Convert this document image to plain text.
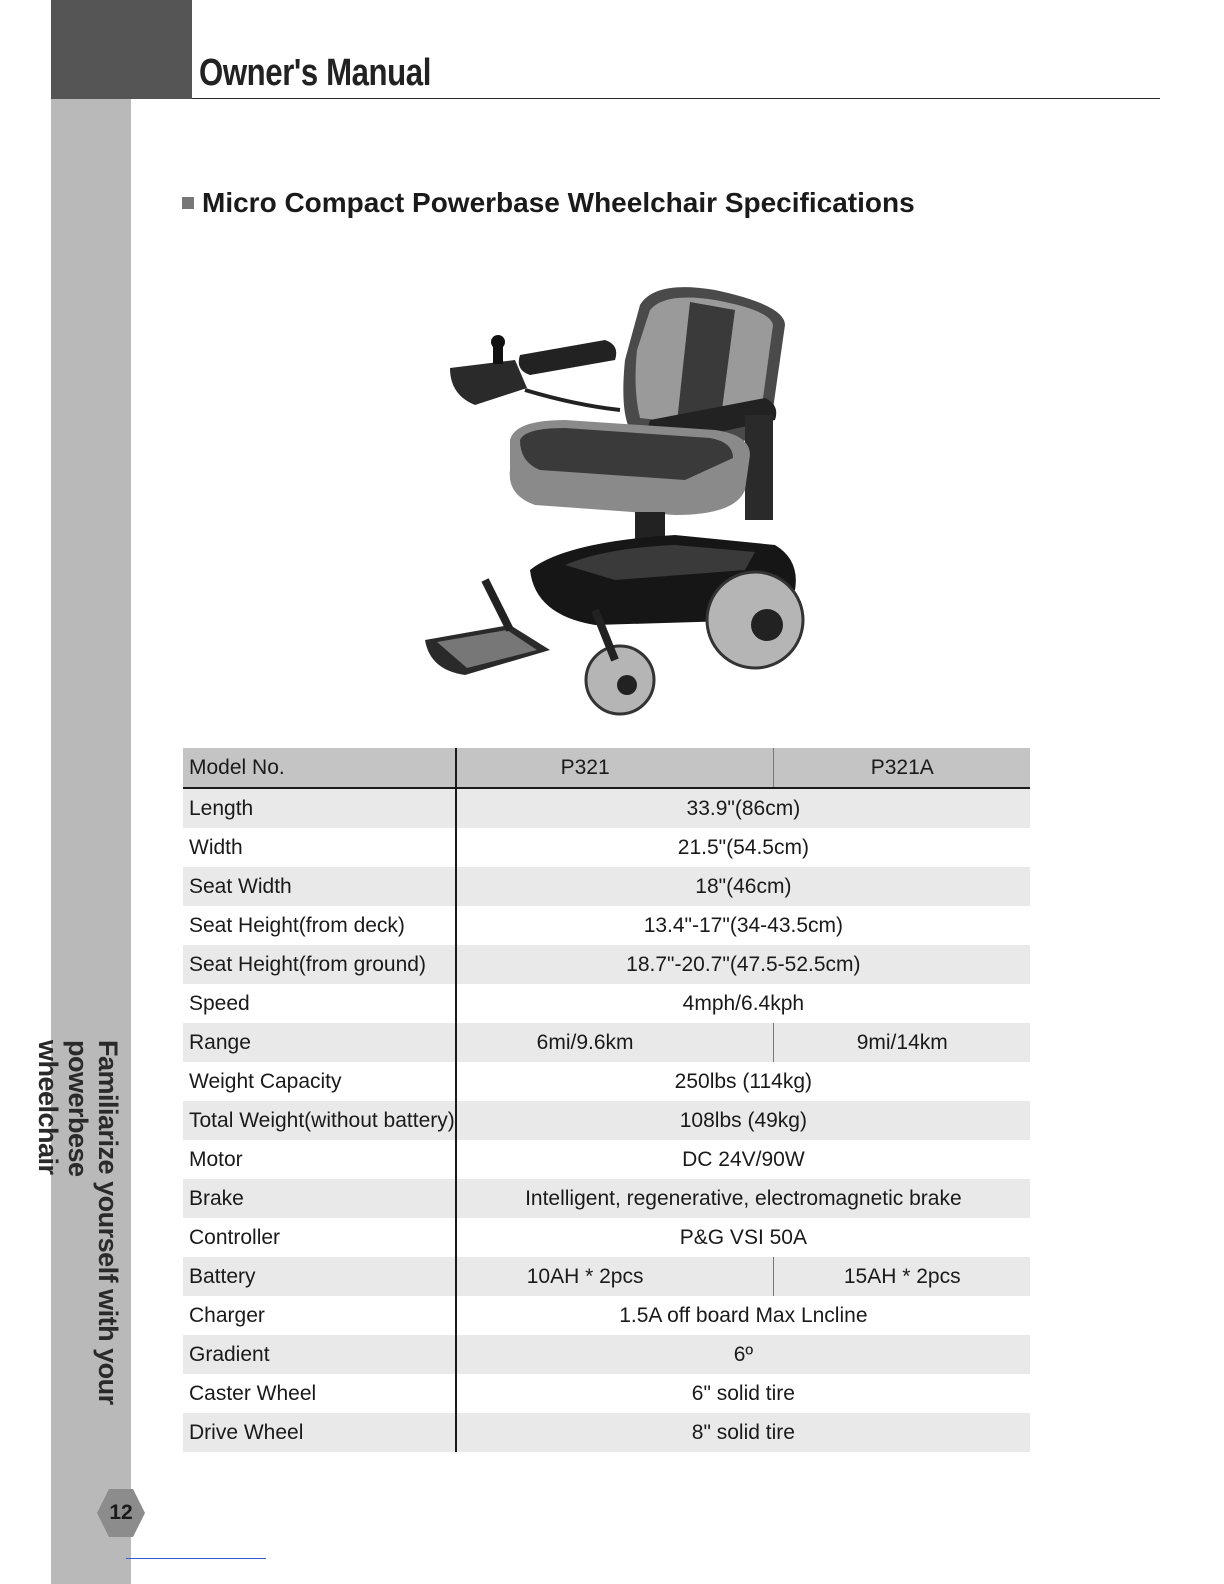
Owner's Manual
Familiarize yourself with your powerbese
wheelchair
12
Micro Compact Powerbase Wheelchair Specifications
Model No.	P321	P321A
Length	33.9"(86cm)	
Width	21.5"(54.5cm)	
Seat Width	18"(46cm)	
Seat Height(from deck)	13.4"-17"(34-43.5cm)	
Seat Height(from ground)	18.7"-20.7"(47.5-52.5cm)	
Speed	4mph/6.4kph	
Range	6mi/9.6km	9mi/14km
Weight Capacity	250lbs (114kg)	
Total Weight(without battery)	108lbs (49kg)	
Motor	DC 24V/90W	
Brake	Intelligent, regenerative, electromagnetic brake	
Controller	P&G VSI 50A	
Battery	10AH * 2pcs	15AH * 2pcs
Charger	1.5A off board Max Lncline	
Gradient	6º	
Caster Wheel	6" solid tire	
Drive Wheel	8" solid tire	
